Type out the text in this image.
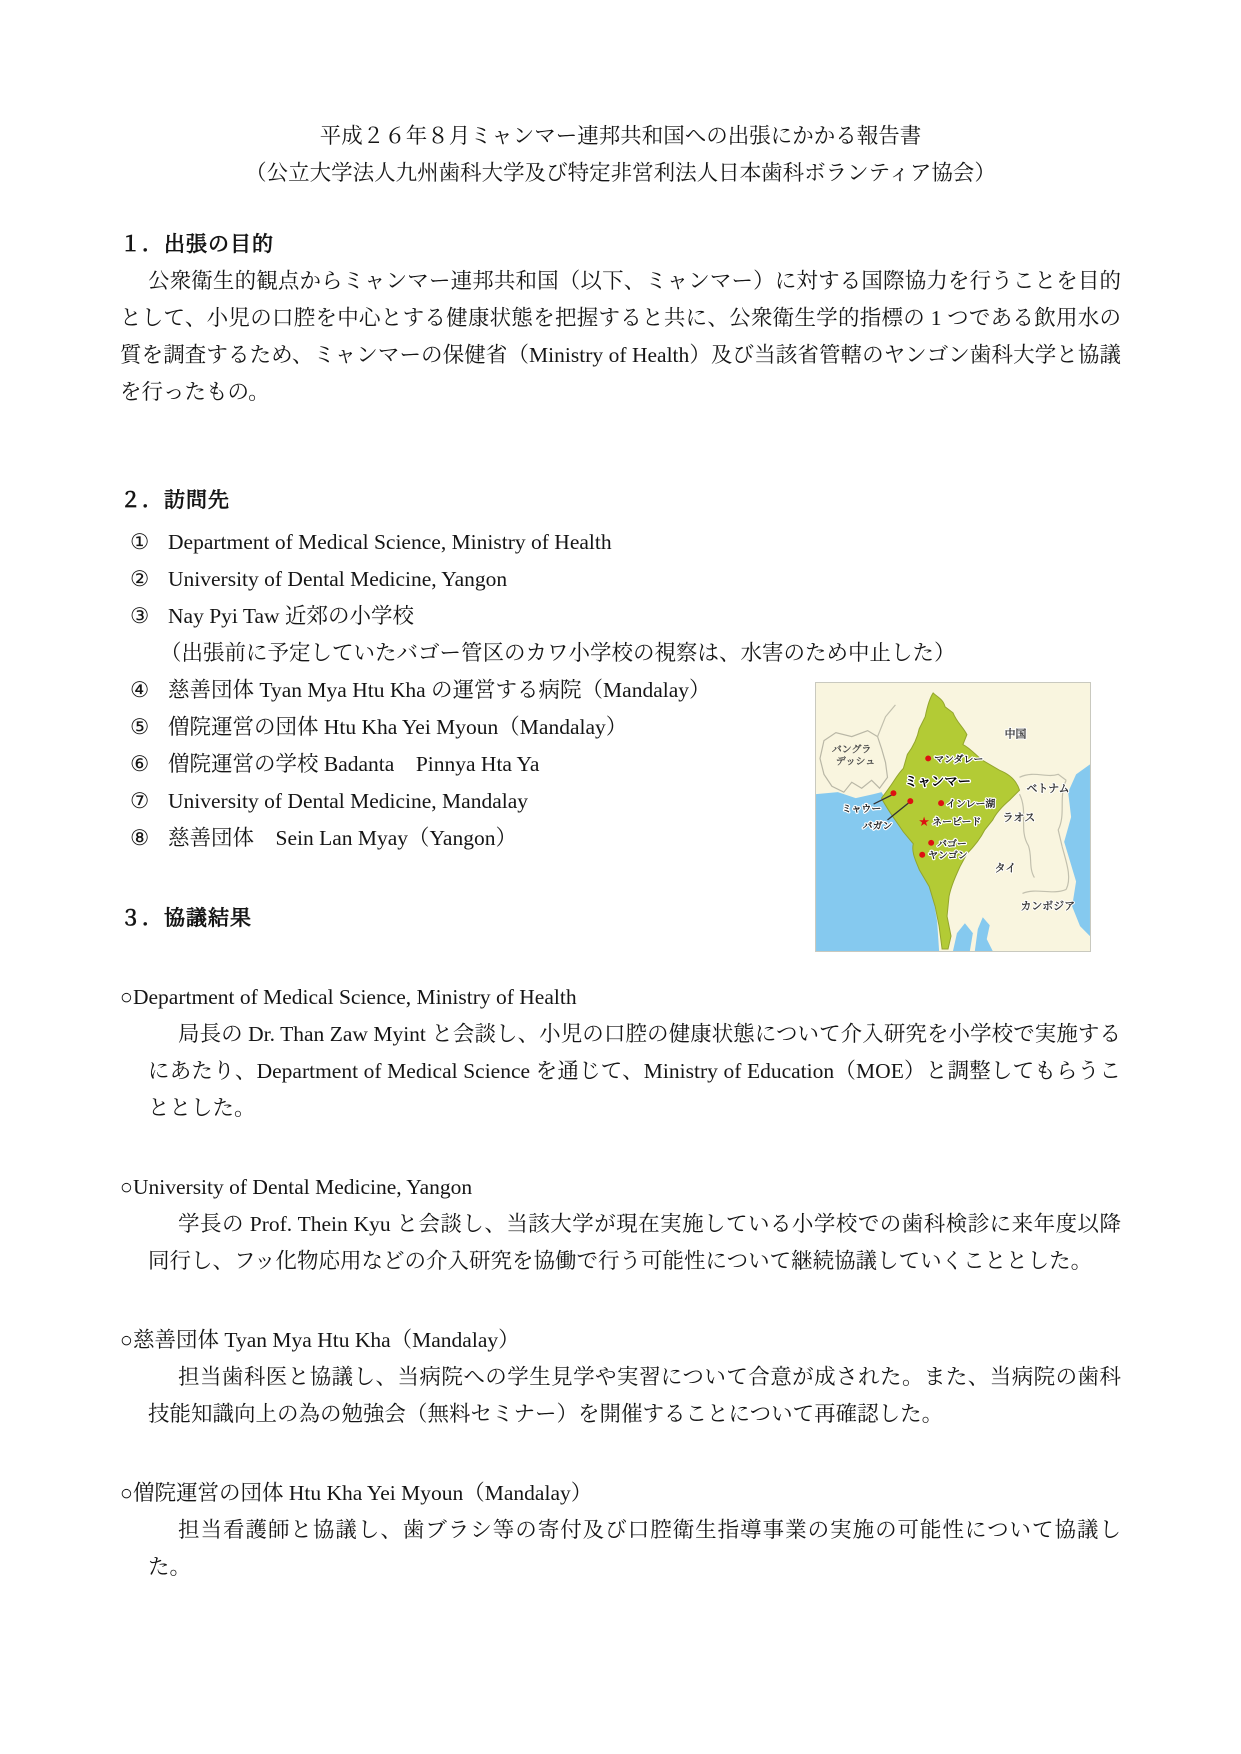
平成２６年８月ミャンマー連邦共和国への出張にかかる報告書
（公立大学法人九州歯科大学及び特定非営利法人日本歯科ボランティア協会）
１．出張の目的

公衆衛生的観点からミャンマー連邦共和国（以下、ミャンマー）に対する国際協力を行うことを目的として、小児の口腔を中心とする健康状態を把握すると共に、公衆衛生学的指標の 1 つである飲用水の質を調査するため、ミャンマーの保健省（Ministry of Health）及び当該省管轄のヤンゴン歯科大学と協議を行ったもの。

２．訪問先
① Department of Medical Science, Ministry of Health
② University of Dental Medicine, Yangon
③ Nay Pyi Taw 近郊の小学校
（出張前に予定していたバゴー管区のカワ小学校の視察は、水害のため中止した）
④ 慈善団体 Tyan Mya Htu Kha の運営する病院（Mandalay）
⑤ 僧院運営の団体 Htu Kha Yei Myoun（Mandalay）
⑥ 僧院運営の学校 Badanta　Pinnya Hta Ya
⑦ University of Dental Medicine, Mandalay
⑧ 慈善団体　Sein Lan Myay（Yangon）
３．協議結果
○Department of Medical Science, Ministry of Health

局長の Dr. Than Zaw Myint と会談し、小児の口腔の健康状態について介入研究を小学校で実施するにあたり、Department of Medical Science を通じて、Ministry of Education（MOE）と調整してもらうこととした。

○University of Dental Medicine, Yangon

学長の Prof. Thein Kyu と会談し、当該大学が現在実施している小学校での歯科検診に来年度以降同行し、フッ化物応用などの介入研究を協働で行う可能性について継続協議していくこととした。

○慈善団体 Tyan Mya Htu Kha（Mandalay）

担当歯科医と協議し、当病院への学生見学や実習について合意が成された。また、当病院の歯科技能知識向上の為の勉強会（無料セミナー）を開催することについて再確認した。

○僧院運営の団体 Htu Kha Yei Myoun（Mandalay）

担当看護師と協議し、歯ブラシ等の寄付及び口腔衛生指導事業の実施の可能性について協議した。

★
バングラ
デッシュ
中国
ベトナム
ラオス
タイ
カンボジア
ミャンマー
マンダレー
ミャウー
バガン
インレー湖
ネーピード
バゴー
ヤンゴン
